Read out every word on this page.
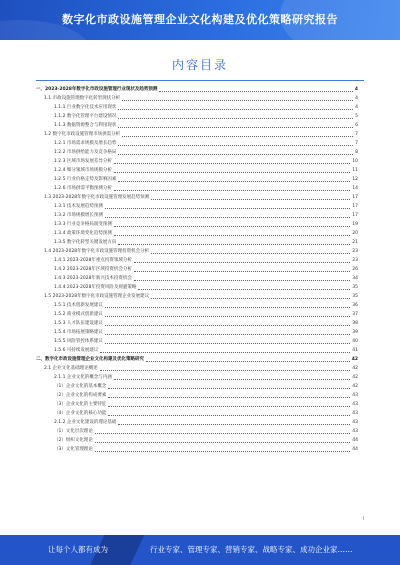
数字化市政设施管理企业文化构建及优化策略研究报告
内容目录
一、2023-2028年数字化市政设施管理行业现状及趋势预测	4
1.1 市政设施管理数字化转型现状分析	4
1.1.1 行业数字化技术应用现状	4
1.1.2 数字化管理平台建设情况	5
1.1.3 数据资源整合与利用现状	6
1.2 数字化市政设施管理市场供需分析	7
1.2.1 市场需求规模及增长趋势	7
1.2.2 市场供给能力及竞争格局	8
1.2.3 区域市场发展差异分析	10
1.2.4 细分领域市场规模分析	11
1.2.5 行业价格走势及影响因素	12
1.2.6 市场供需平衡预测分析	14
1.3 2023-2028年数字化市政设施管理发展趋势预测	17
1.3.1 技术发展趋势预测	17
1.3.2 市场规模增长预测	17
1.3.3 行业竞争格局演变预测	19
1.3.4 政策环境变化趋势预测	20
1.3.5 数字化转型关键发展方向	21
1.4 2023-2028年数字化市政设施管理投资机会分析	23
1.4.1 2023-2028年重点投资领域分析	23
1.4.2 2023-2028年区域投资机会分析	26
1.4.3 2023-2028年新兴技术投资机会	34
1.4.4 2023-2028年投资风险及规避策略	35
1.5 2023-2028年数字化市政设施管理企业发展建议	35
1.5.1 技术创新发展建议	36
1.5.2 商业模式创新建议	37
1.5.3 人才队伍建设建议	38
1.5.4 市场拓展策略建议	39
1.5.5 风险管控体系建议	40
1.5.6 可持续发展建议	41
二、数字化市政设施管理企业文化构建及优化策略研究	42
2.1 企业文化基础理论概述	42
2.1.1 企业文化的概念与内涵	42
（1）企业文化的基本概念	42
（2）企业文化的构成要素	43
（3）企业文化的主要特征	43
（4）企业文化的核心功能	43
2.1.2 企业文化建设的理论基础	43
（1）文化层次理论	43
（2）组织文化理论	44
（3）文化管理理论	44
I
让每个人都有成为	行业专家、管理专家、营销专家、战略专家、成功企业家……
